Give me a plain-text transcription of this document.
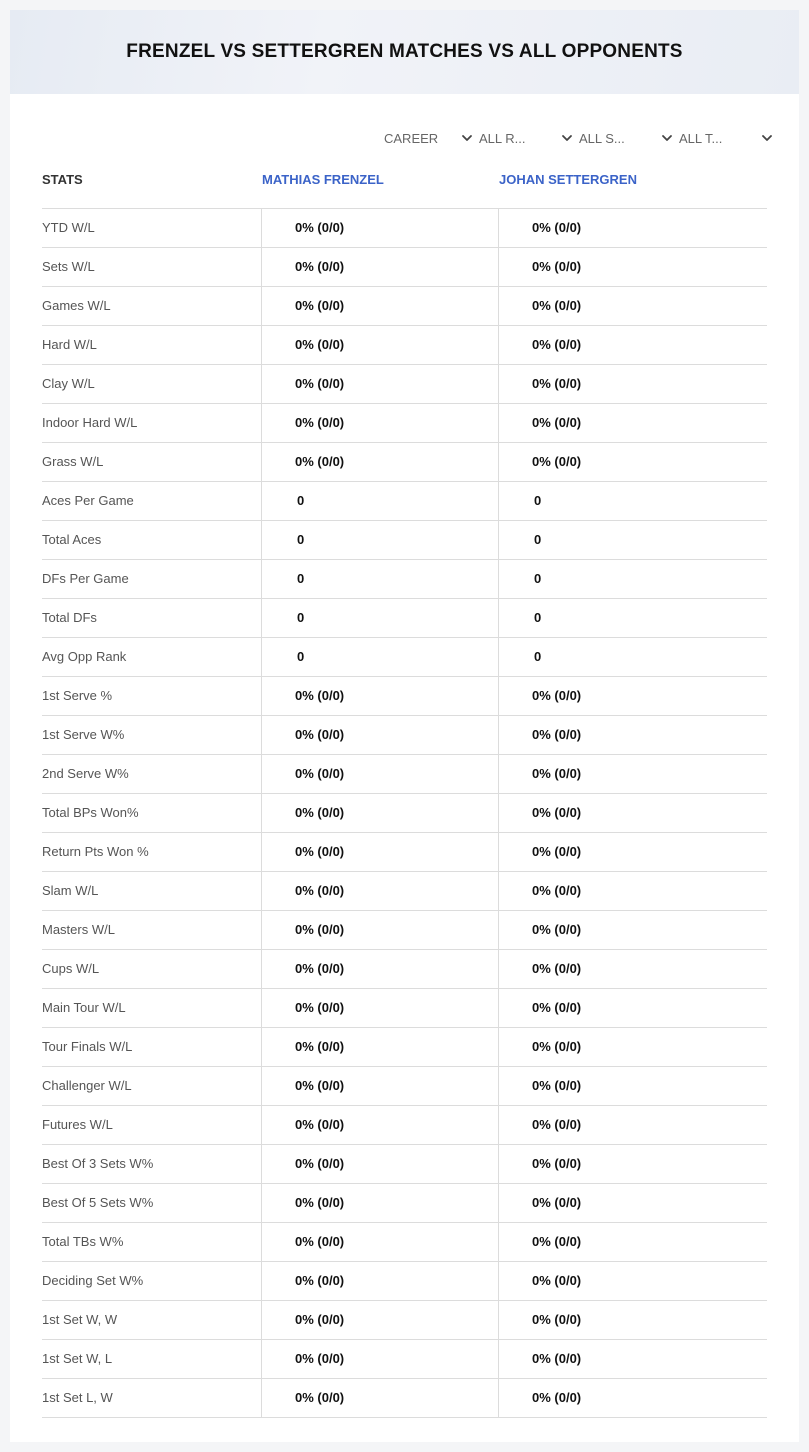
FRENZEL VS SETTERGREN MATCHES VS ALL OPPONENTS
CAREER	ALL R...	ALL S...	ALL T...
STATS	MATHIAS FRENZEL	JOHAN SETTERGREN
YTD W/L	0% (0/0)	0% (0/0)
Sets W/L	0% (0/0)	0% (0/0)
Games W/L	0% (0/0)	0% (0/0)
Hard W/L	0% (0/0)	0% (0/0)
Clay W/L	0% (0/0)	0% (0/0)
Indoor Hard W/L	0% (0/0)	0% (0/0)
Grass W/L	0% (0/0)	0% (0/0)
Aces Per Game	0	0
Total Aces	0	0
DFs Per Game	0	0
Total DFs	0	0
Avg Opp Rank	0	0
1st Serve %	0% (0/0)	0% (0/0)
1st Serve W%	0% (0/0)	0% (0/0)
2nd Serve W%	0% (0/0)	0% (0/0)
Total BPs Won%	0% (0/0)	0% (0/0)
Return Pts Won %	0% (0/0)	0% (0/0)
Slam W/L	0% (0/0)	0% (0/0)
Masters W/L	0% (0/0)	0% (0/0)
Cups W/L	0% (0/0)	0% (0/0)
Main Tour W/L	0% (0/0)	0% (0/0)
Tour Finals W/L	0% (0/0)	0% (0/0)
Challenger W/L	0% (0/0)	0% (0/0)
Futures W/L	0% (0/0)	0% (0/0)
Best Of 3 Sets W%	0% (0/0)	0% (0/0)
Best Of 5 Sets W%	0% (0/0)	0% (0/0)
Total TBs W%	0% (0/0)	0% (0/0)
Deciding Set W%	0% (0/0)	0% (0/0)
1st Set W, W	0% (0/0)	0% (0/0)
1st Set W, L	0% (0/0)	0% (0/0)
1st Set L, W	0% (0/0)	0% (0/0)
